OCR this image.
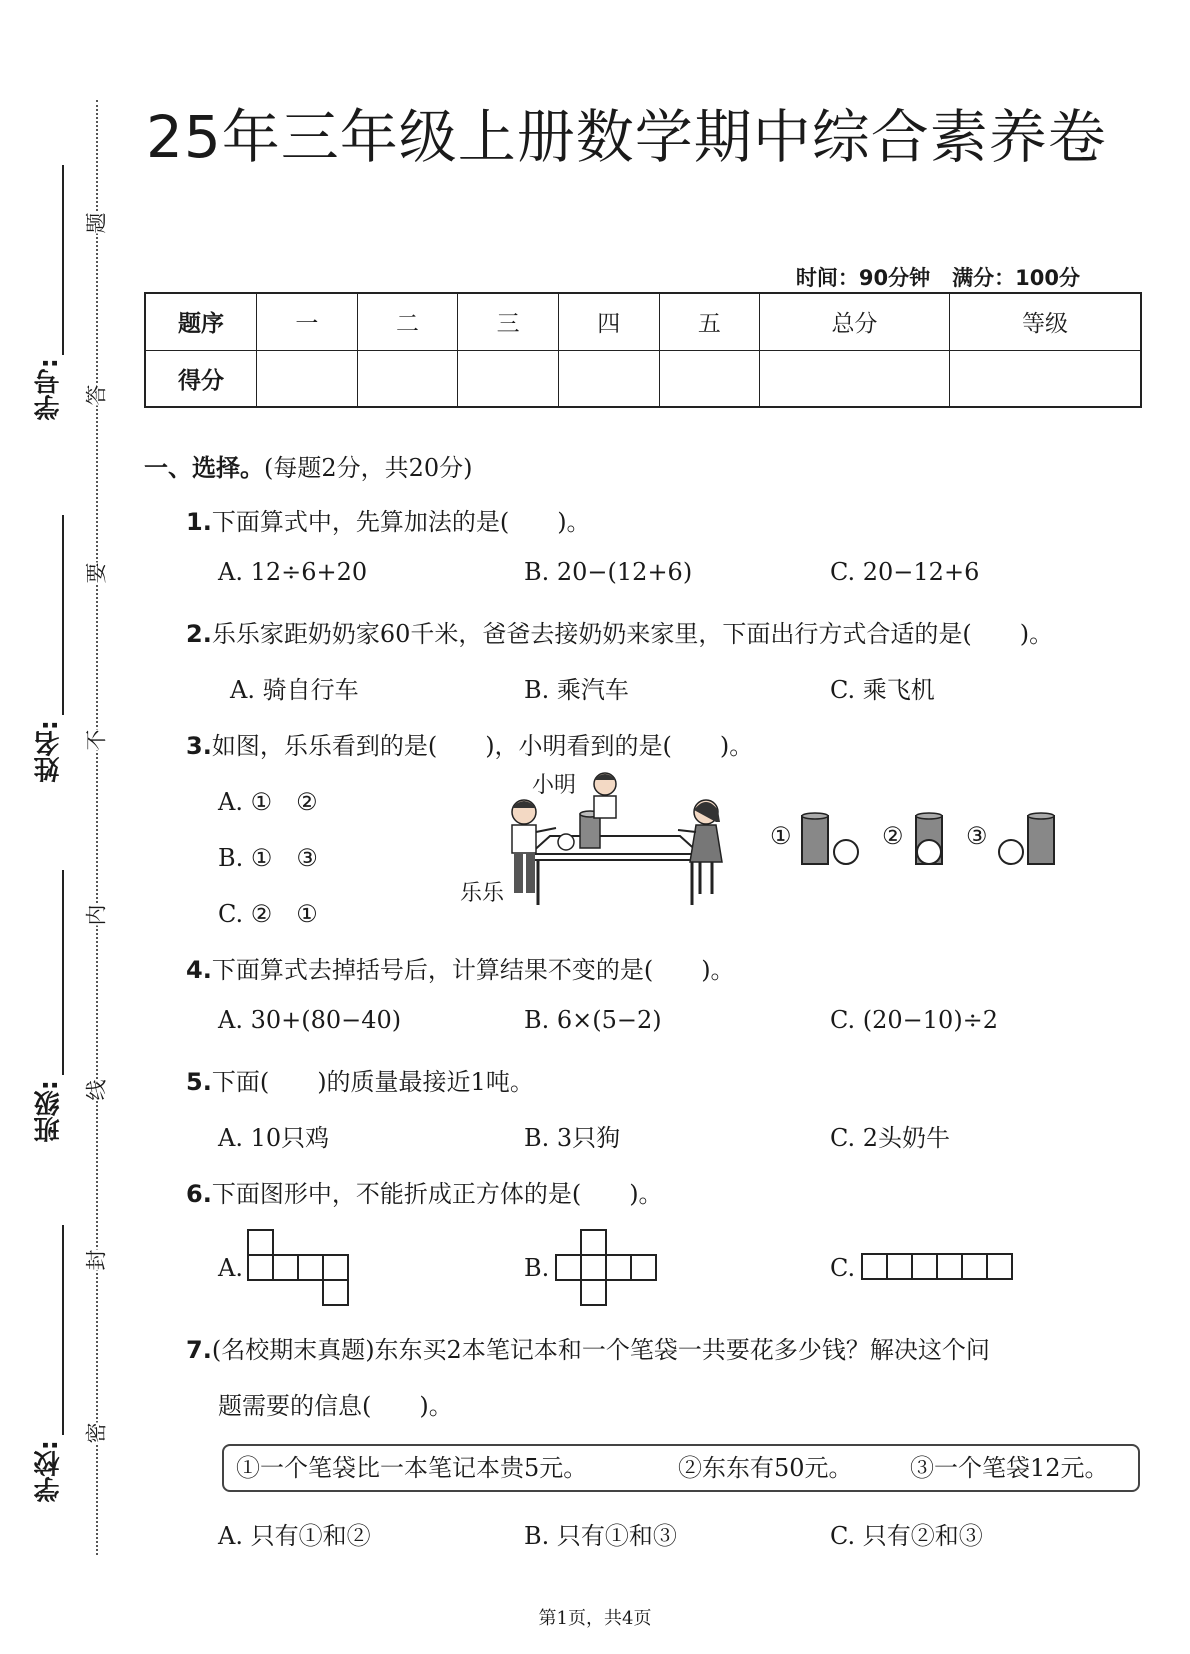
学号:
姓名:
班级:
学校:
题
答
要
不
内
线
封
密
25年三年级上册数学期中综合素养卷
时间：90分钟 满分：100分
题序	一	二	三	四	五	总分	等级
得分							
一、选择。(每题2分，共20分)
1.下面算式中，先算加法的是(　　)。
A. 12÷6+20	B. 20−(12+6)	C. 20−12+6
2.乐乐家距奶奶家60千米，爸爸去接奶奶来家里，下面出行方式合适的是(　　)。
A. 骑自行车	B. 乘汽车	C. 乘飞机
3.如图，乐乐看到的是(　　)，小明看到的是(　　)。
A. ①　②
B. ①　③
C. ②　①
小明
乐乐
①	②	③
4.下面算式去掉括号后，计算结果不变的是(　　)。
A. 30+(80−40)	B. 6×(5−2)	C. (20−10)÷2
5.下面(　　)的质量最接近1吨。
A. 10只鸡	B. 3只狗	C. 2头奶牛
6.下面图形中，不能折成正方体的是(　　)。
A.	B.	C.
7.(名校期末真题)东东买2本笔记本和一个笔袋一共要花多少钱？解决这个问
题需要的信息(　　)。
①一个笔袋比一本笔记本贵5元。	②东东有50元。 ③一个笔袋12元。
A. 只有①和②	B. 只有①和③	C. 只有②和③
第1页，共4页
